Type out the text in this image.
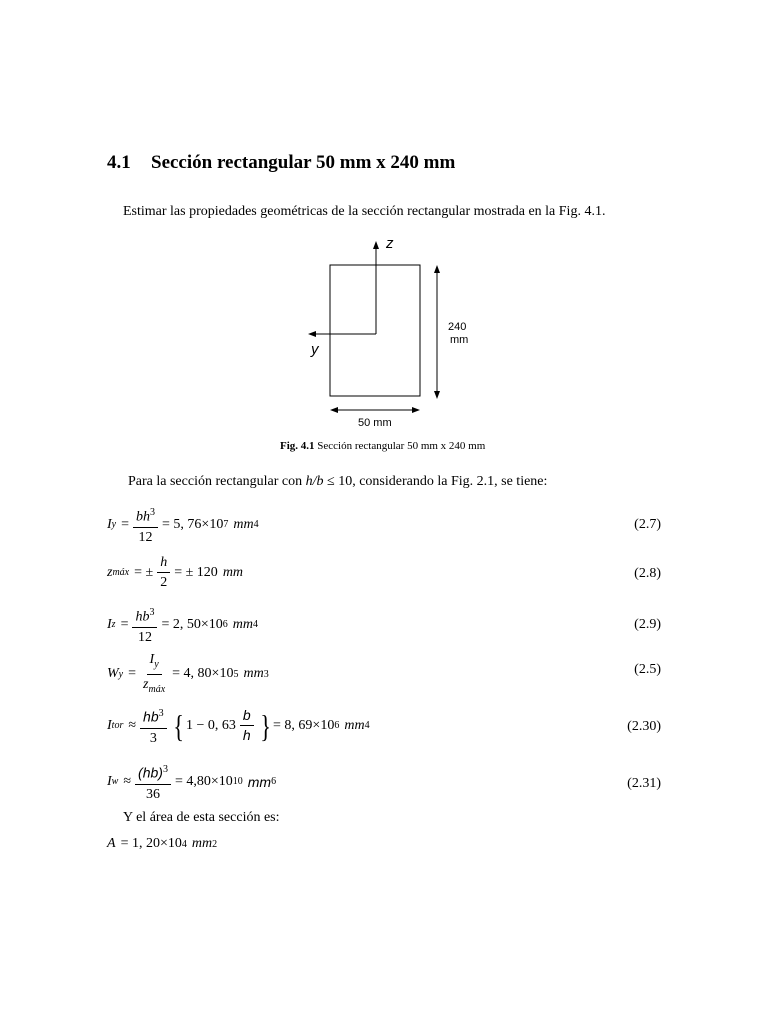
4.1 Sección rectangular 50 mm x 240 mm
Estimar las propiedades geométricas de la sección rectangular mostrada en la Fig. 4.1.
z
y
240
mm
50 mm
Fig. 4.1 Sección rectangular 50 mm x 240 mm
Para la sección rectangular con h/b ≤ 10, considerando la Fig. 2.1, se tiene:
I $y = \frac{bh^3}{12} = 5$, 76×10 7 mm 4	(2.7)
z máx = ± $\frac{h}{2}$ = ± 120 mm	(2.8)
I $z = \frac{hb^3}{12} = 2$, 50×10 6 mm 4	(2.9)
W $y = \frac{I_y}{z_{máx}} = 4$, 80×10 5 mm 3	(2.5)
I tor ≈ $\frac{hb^3}{3}$ { 1 − 0, $63 \frac{b}{h}$ } = 8, 69×10 6 mm 4	(2.30)
I $w \approx \frac{(hb)^3}{36} = 4,80\times 10$ 10 mm 6	(2.31)
Y el área de esta sección es:
A = 1, 20×10 4 mm 2
